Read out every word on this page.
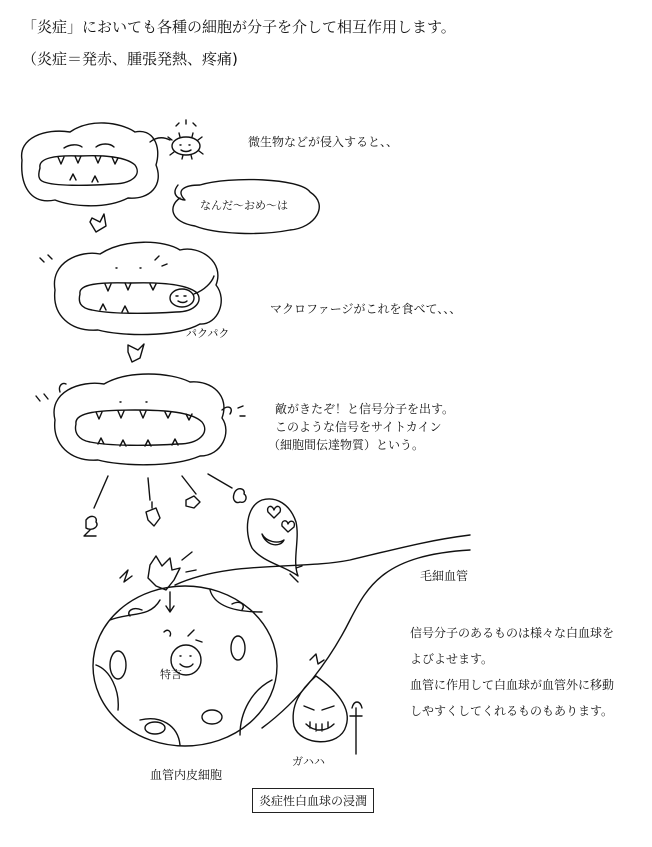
「炎症」においても各種の細胞が分子を介して相互作用します。
（炎症＝発赤、腫張発熱、疼痛)
微生物などが侵入すると、、
なんだ〜おめ〜は
マクロファージがこれを食べて、、、
パクパク
敵がきたぞ！と信号分子を出す。
このような信号をサイトカイン
（細胞間伝達物質）という。
毛細血管
特言
血管内皮細胞
ガハハ
信号分子のあるものは様々な白血球を
よびよせます。
血管に作用して白血球が血管外に移動
しやすくしてくれるものもあります。
炎症性白血球の浸潤
